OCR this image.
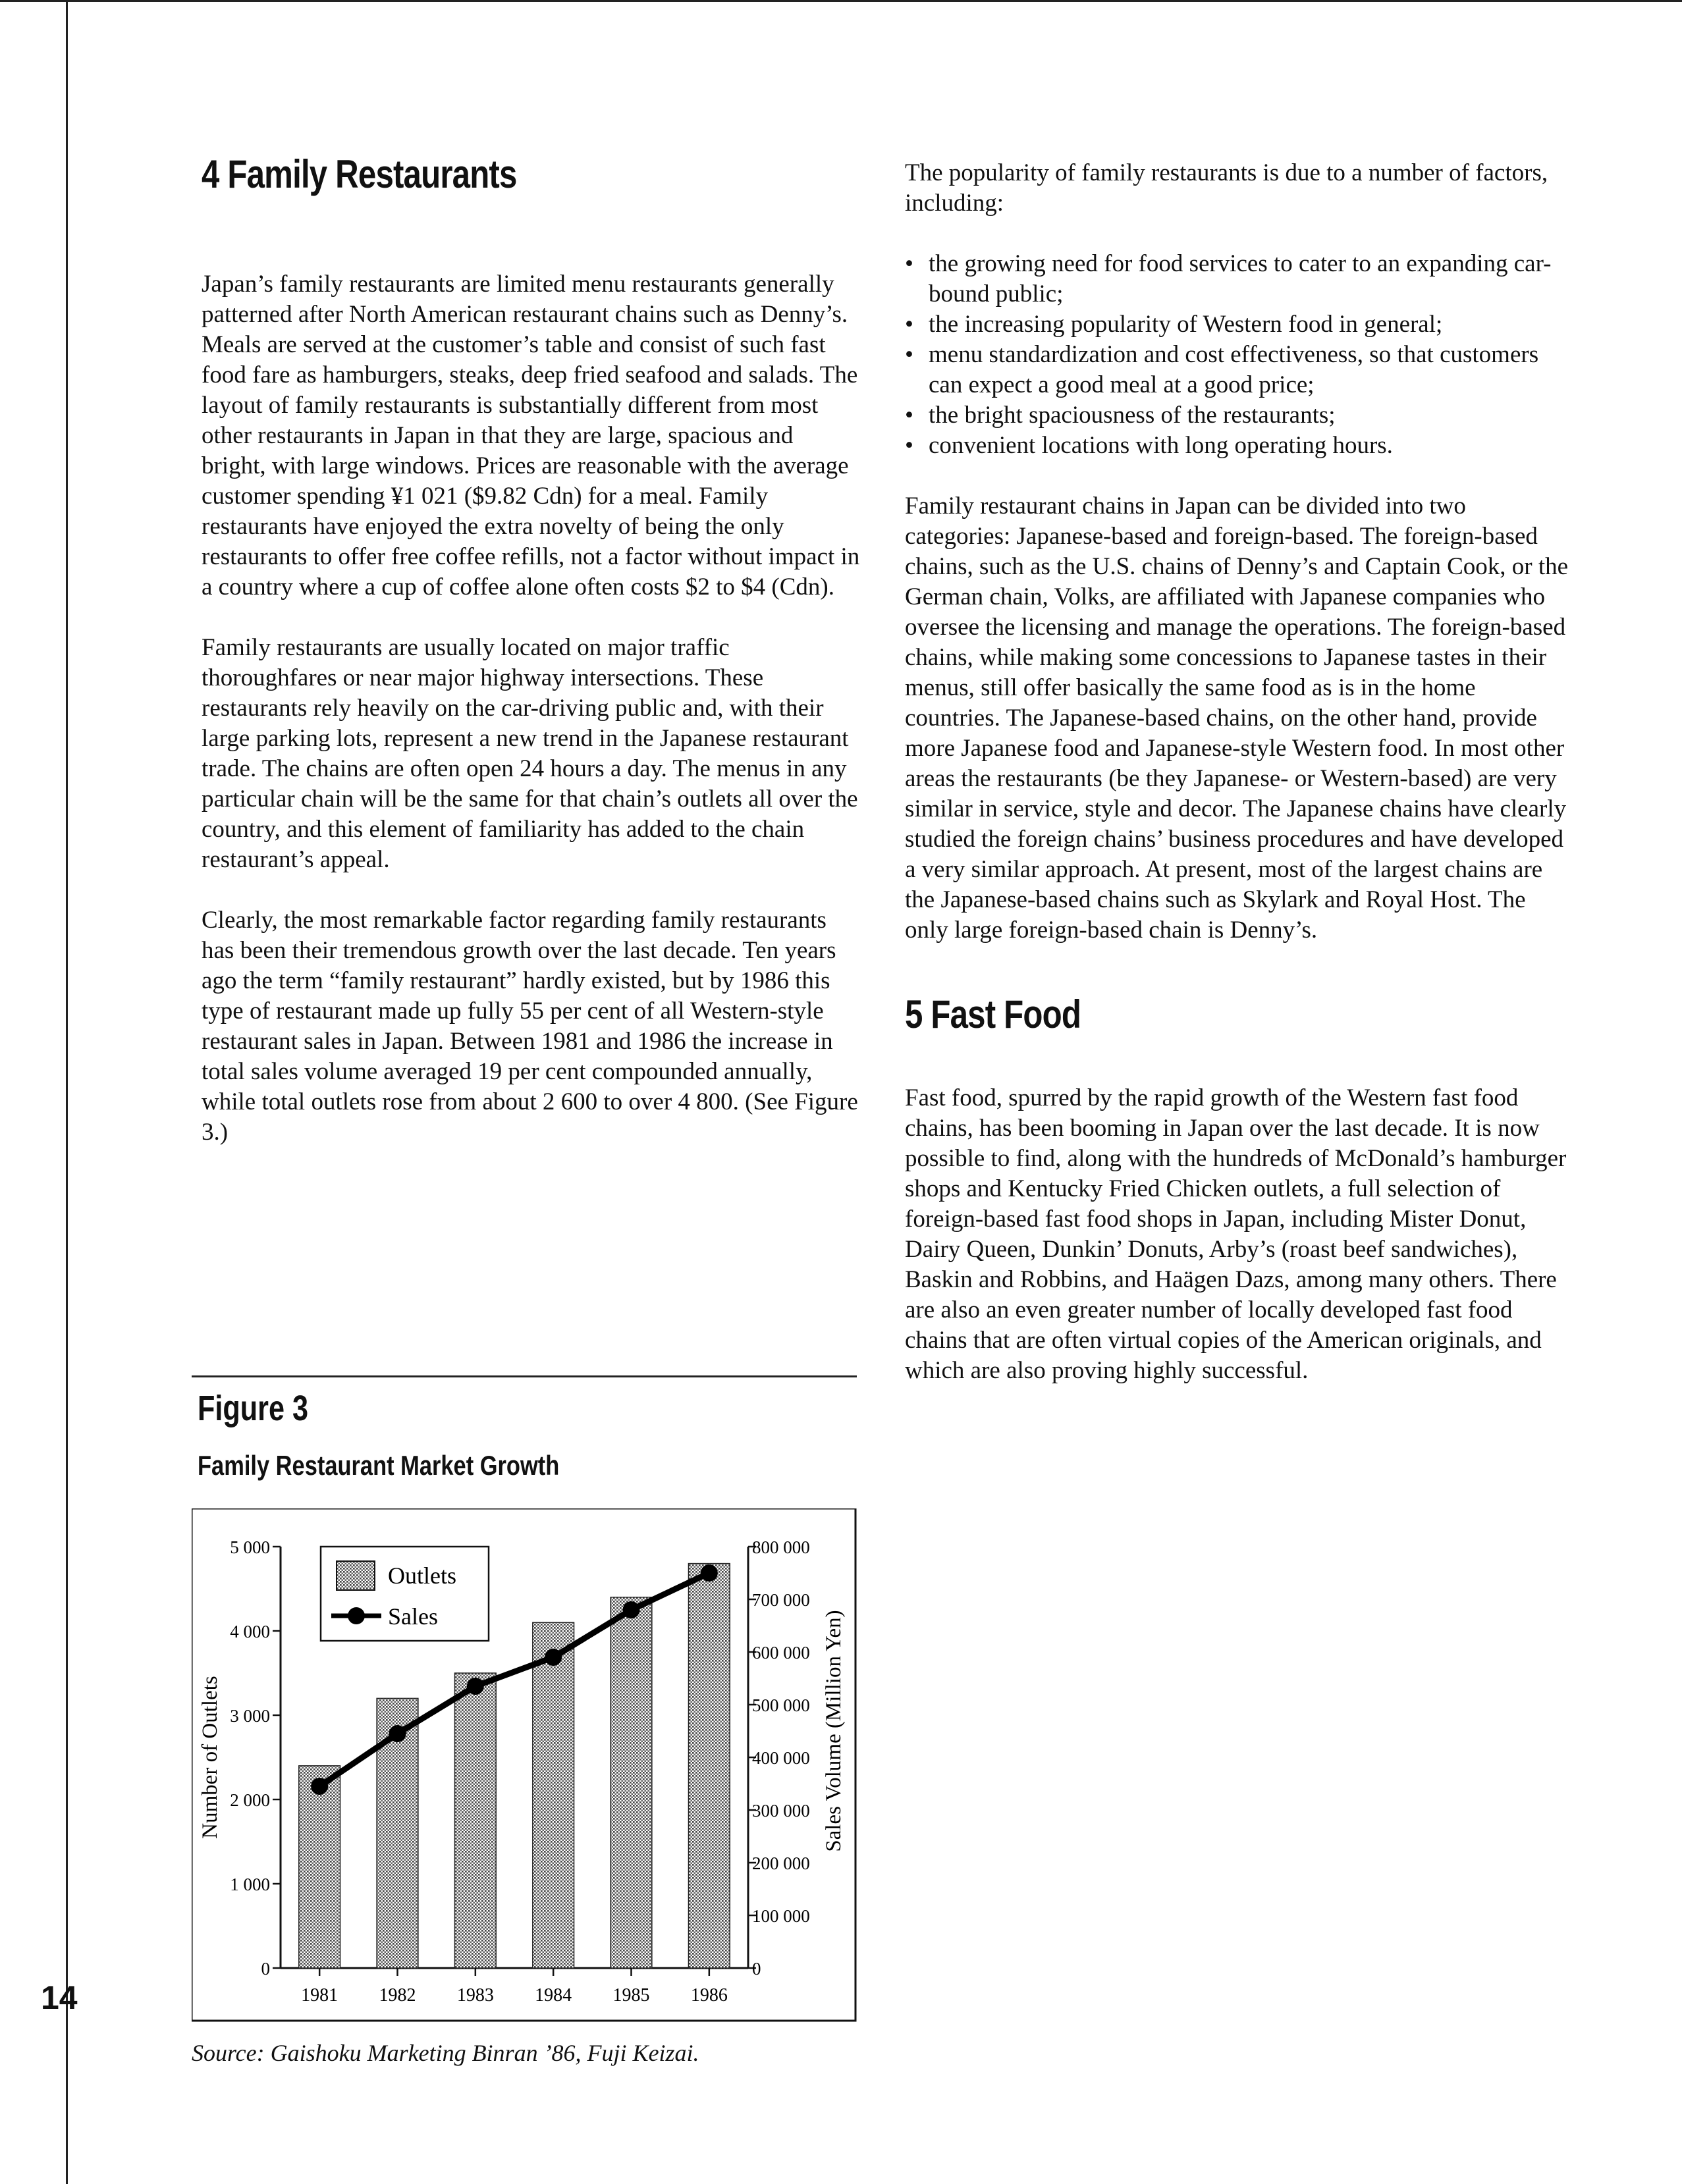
14
4 Family Restaurants

Japan’s family restaurants are limited menu restaurants generally patterned after North American restaurant chains such as Denny’s. Meals are served at the customer’s table and consist of such fast food fare as hamburgers, steaks, deep fried seafood and salads. The layout of family restaurants is substantially different from most other restaurants in Japan in that they are large, spacious and bright, with large windows. Prices are reasonable with the average customer spending ¥1 021 ($9.82 Cdn) for a meal. Family restaurants have enjoyed the extra novelty of being the only restaurants to offer free coffee refills, not a factor without impact in a country where a cup of coffee alone often costs $2 to $4 (Cdn).

Family restaurants are usually located on major traffic thoroughfares or near major highway intersections. These restaurants rely heavily on the car-driving public and, with their large parking lots, represent a new trend in the Japanese restaurant trade. The chains are often open 24 hours a day. The menus in any particular chain will be the same for that chain’s outlets all over the country, and this element of familiarity has added to the chain restaurant’s appeal.

Clearly, the most remarkable factor regarding family restaurants has been their tremendous growth over the last decade. Ten years ago the term “family restaurant” hardly existed, but by 1986 this type of restaurant made up fully 55 per cent of all Western-style restaurant sales in Japan. Between 1981 and 1986 the increase in total sales volume averaged 19 per cent compounded annually, while total outlets rose from about 2 600 to over 4 800. (See Figure 3.)

The popularity of family restaurants is due to a number of factors, including:

• the growing need for food services to cater to an expanding car-bound public;
• the increasing popularity of Western food in general;
• menu standardization and cost effectiveness, so that customers can expect a good meal at a good price;
• the bright spaciousness of the restaurants;
• convenient locations with long operating hours.

Family restaurant chains in Japan can be divided into two categories: Japanese-based and foreign-based. The foreign-based chains, such as the U.S. chains of Denny’s and Captain Cook, or the German chain, Volks, are affiliated with Japanese companies who oversee the licensing and manage the operations. The foreign-based chains, while making some concessions to Japanese tastes in their menus, still offer basically the same food as is in the home countries. The Japanese-based chains, on the other hand, provide more Japanese food and Japanese-style Western food. In most other areas the restaurants (be they Japanese- or Western-based) are very similar in service, style and decor. The Japanese chains have clearly studied the foreign chains’ business procedures and have developed a very similar approach. At present, most of the largest chains are the Japanese-based chains such as Skylark and Royal Host. The only large foreign-based chain is Denny’s.

5 Fast Food

Fast food, spurred by the rapid growth of the Western fast food chains, has been booming in Japan over the last decade. It is now possible to find, along with the hundreds of McDonald’s hamburger shops and Kentucky Fried Chicken outlets, a full selection of foreign-based fast food shops in Japan, including Mister Donut, Dairy Queen, Dunkin’ Donuts, Arby’s (roast beef sandwiches), Baskin and Robbins, and Haägen Dazs, among many others. There are also an even greater number of locally developed fast food chains that are often virtual copies of the American originals, and which are also proving highly successful.

Figure 3
Family Restaurant Market Growth
Number of Outlets	Sales Volume (Million Yen)
0
1 000
2 000
3 000
4 000
5 000
0
100 000
200 000
300 000
400 000
500 000
600 000
700 000
800 000
1981 1982 1983 1984 1985 1986
Outlets
Sales
Source: Gaishoku Marketing Binran ’86, Fuji Keizai.
